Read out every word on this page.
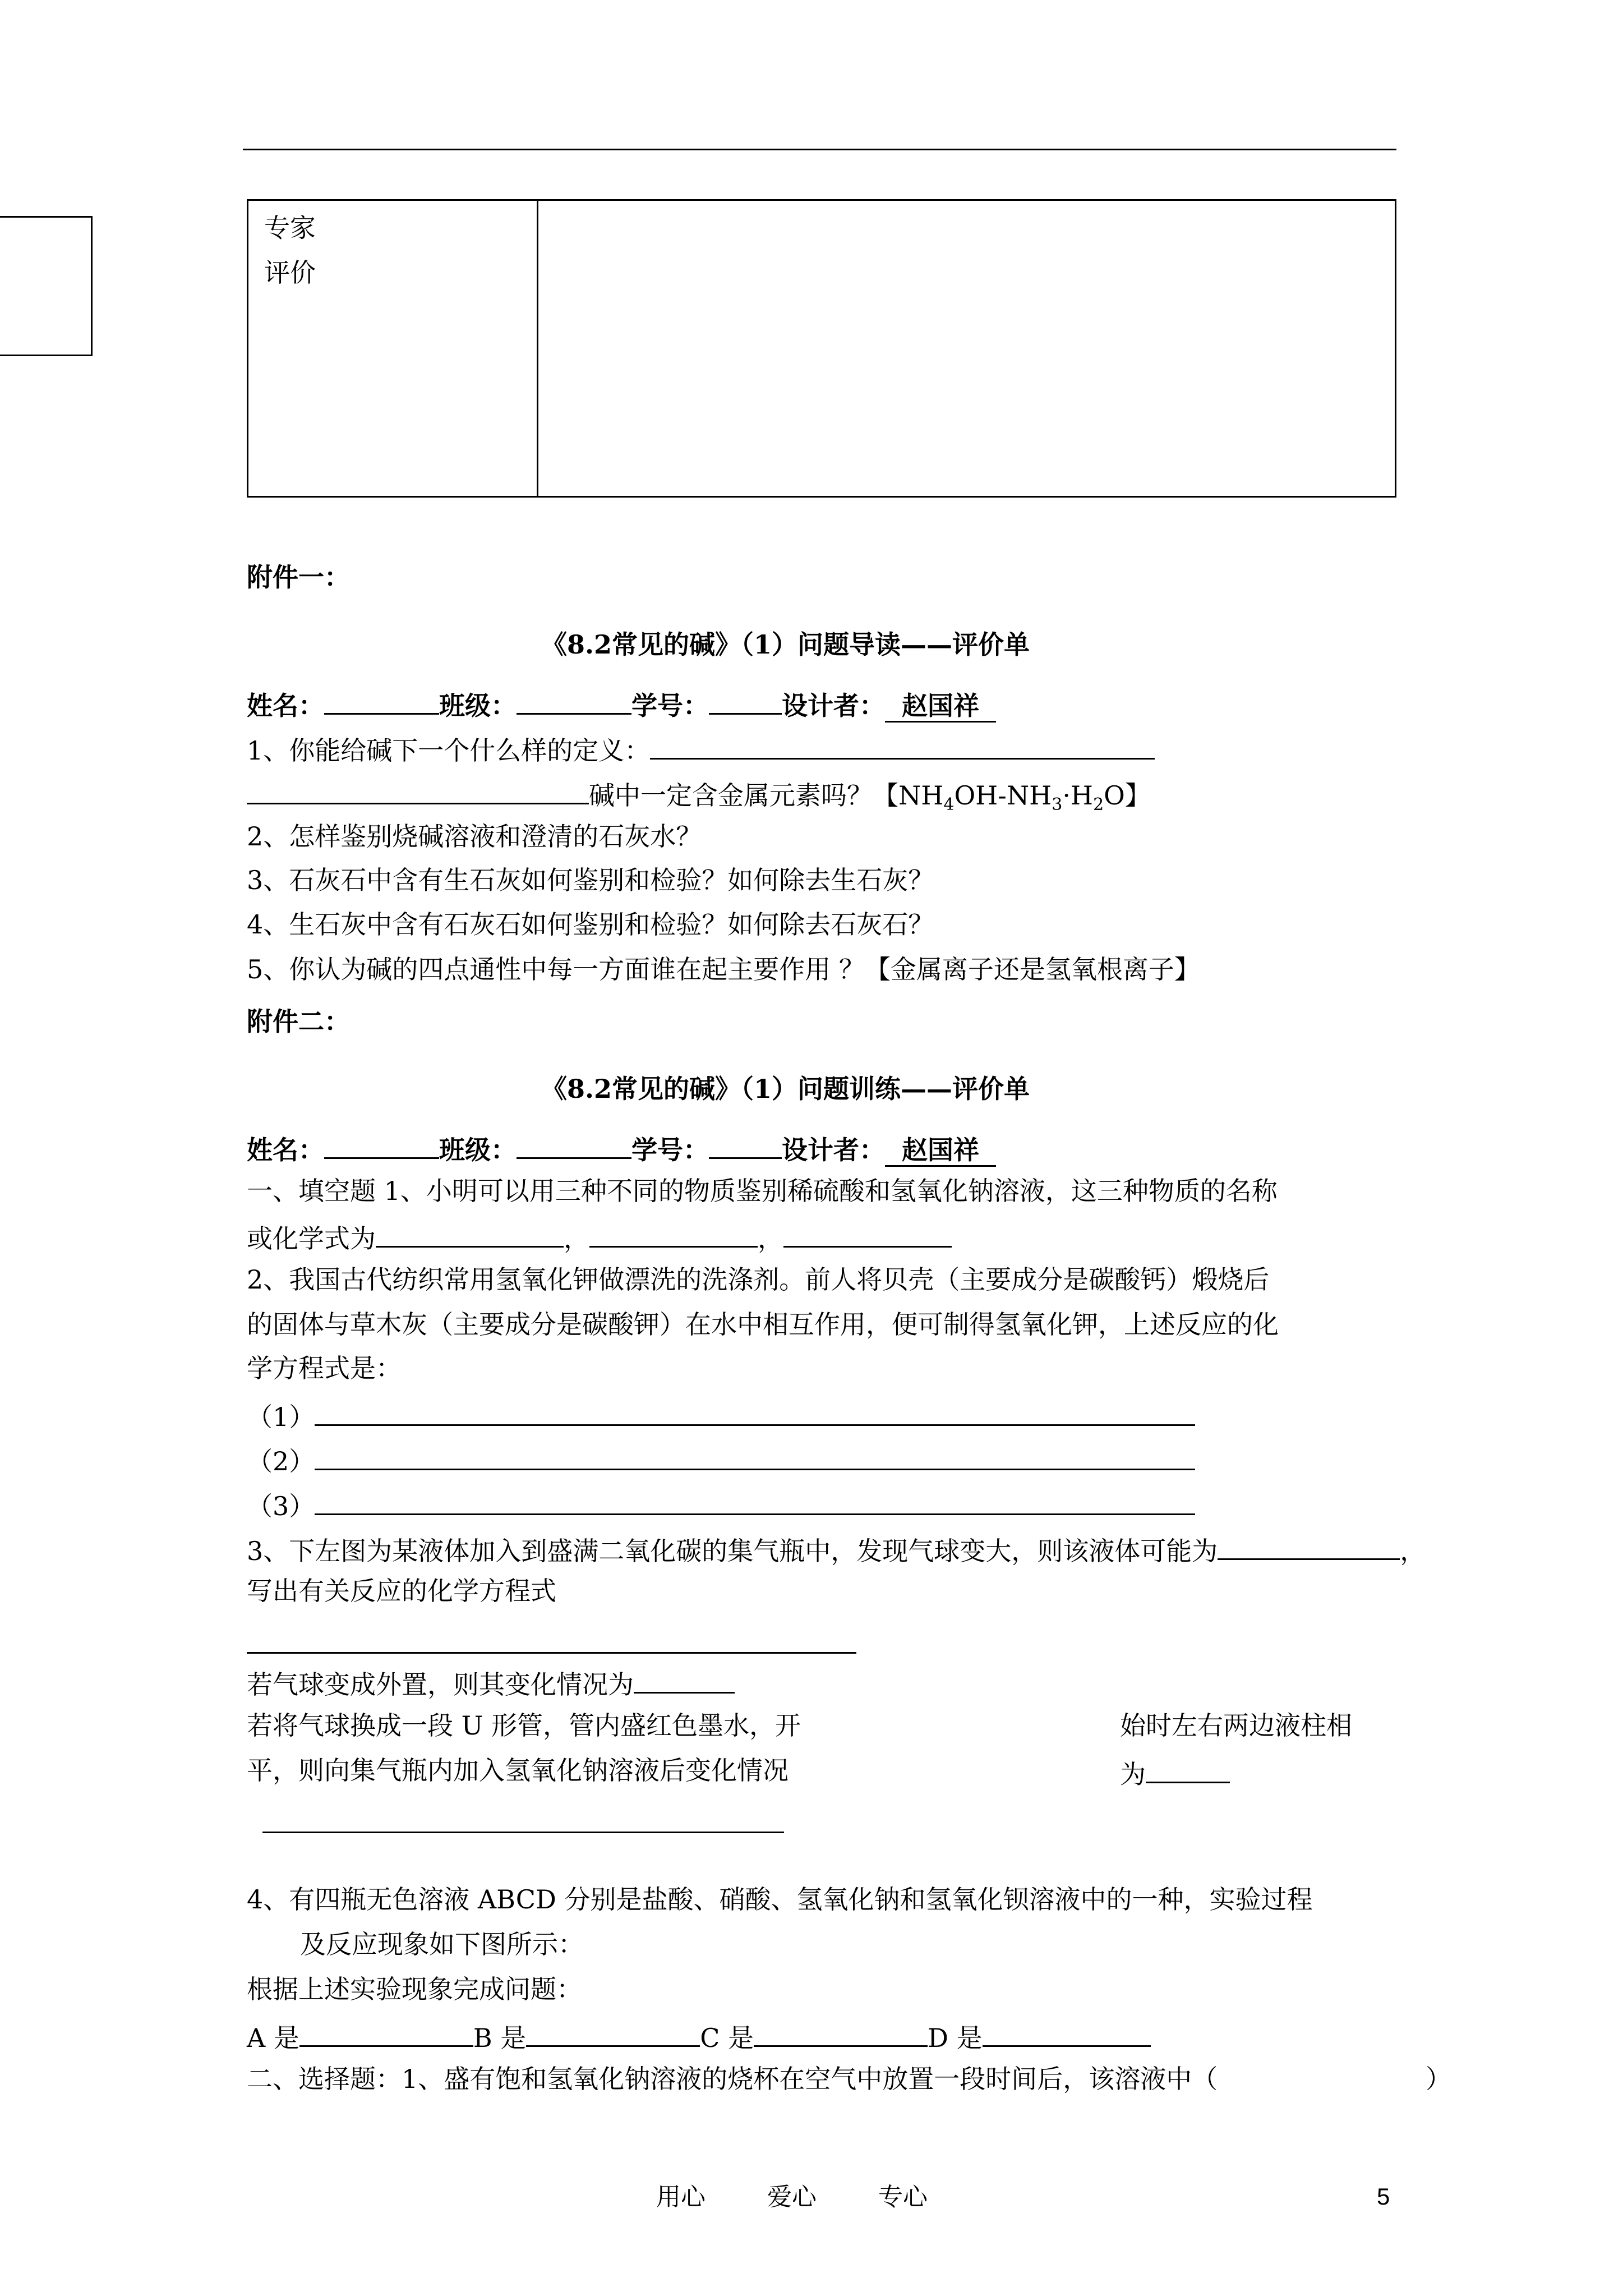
专家
评价
附件一：
《8.2常见的碱》（1）问题导读——评价单
姓名：	班级：	学号：	设计者： 赵国祥
1、你能给碱下一个什么样的定义：
碱中一定含金属元素吗？【$NH_4OH-NH_3\cdot H_2O$】
2、怎样鉴别烧碱溶液和澄清的石灰水？
3、石灰石中含有生石灰如何鉴别和检验？如何除去生石灰？
4、生石灰中含有石灰石如何鉴别和检验？如何除去石灰石？
5、你认为碱的四点通性中每一方面谁在起主要作用 ？【金属离子还是氢氧根离子】
附件二：
《8.2常见的碱》（1）问题训练——评价单
姓名：	班级：	学号：	设计者： 赵国祥
一、填空题 1、小明可以用三种不同的物质鉴别稀硫酸和氢氧化钠溶液，这三种物质的名称
或化学式为	，	，
2、我国古代纺织常用氢氧化钾做漂洗的洗涤剂。前人将贝壳（主要成分是碳酸钙）煅烧后
的固体与草木灰（主要成分是碳酸钾）在水中相互作用，便可制得氢氧化钾，上述反应的化
学方程式是：
（1）
（2）
（3）
3、下左图为某液体加入到盛满二氧化碳的集气瓶中，发现气球变大，则该液体可能为	，
写出有关反应的化学方程式
若气球变成外置，则其变化情况为
若将气球换成一段 U 形管，管内盛红色墨水，开	始时左右两边液柱相
平，则向集气瓶内加入氢氧化钠溶液后变化情况	为
4、有四瓶无色溶液 ABCD 分别是盐酸、硝酸、氢氧化钠和氢氧化钡溶液中的一种，实验过程
及反应现象如下图所示：
根据上述实验现象完成问题：
A 是	B 是	C 是	D 是
二、选择题：1、盛有饱和氢氧化钠溶液的烧杯在空气中放置一段时间后，该溶液中（	）
用心	爱心	专心	5
